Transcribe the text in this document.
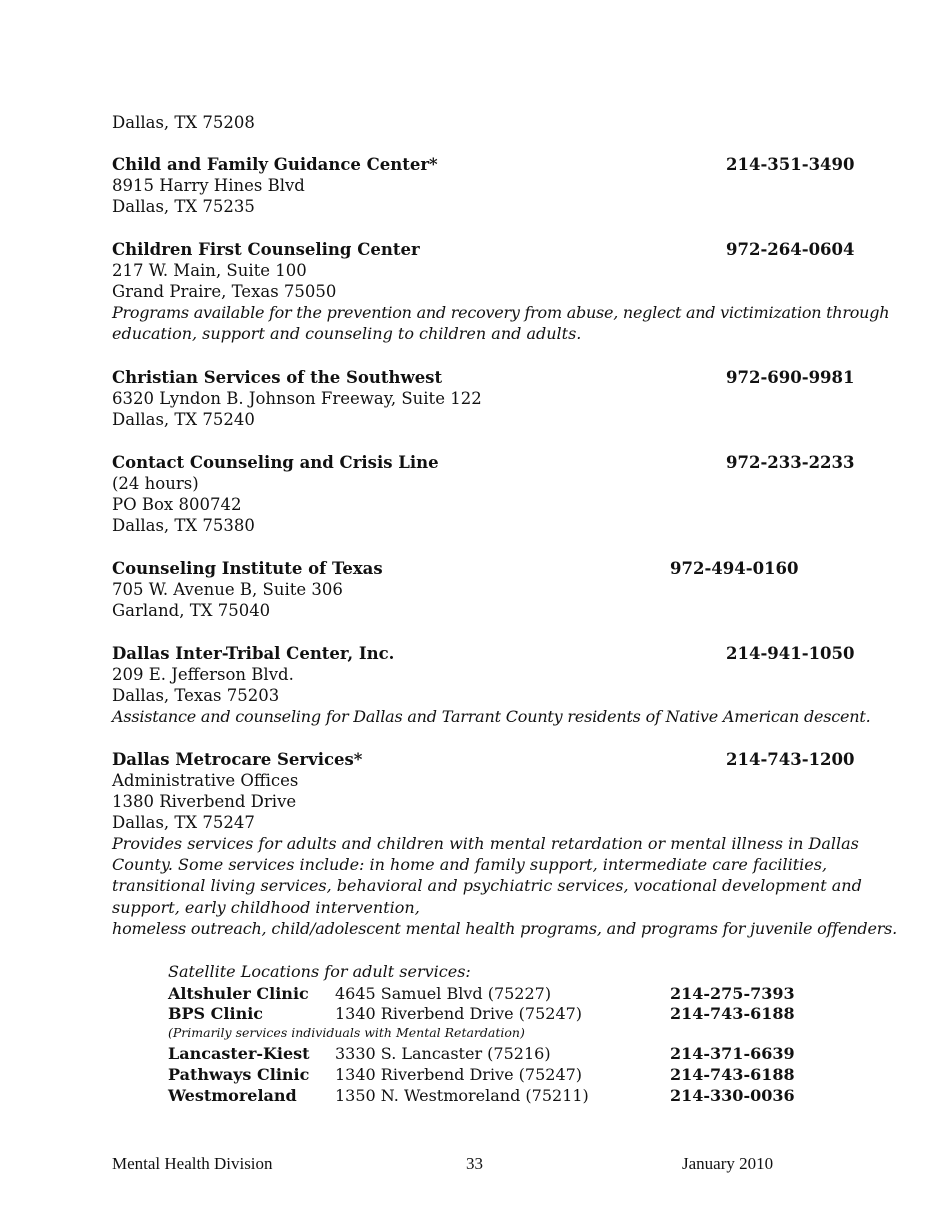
Dallas, TX 75208
Child and Family Guidance Center*	214-351-3490
8915 Harry Hines Blvd
Dallas, TX 75235
Children First Counseling Center	972-264-0604
217 W. Main, Suite 100
Grand Praire, Texas 75050
Programs available for the prevention and recovery from abuse, neglect and victimization through
education, support and counseling to children and adults.
Christian Services of the Southwest	972-690-9981
6320 Lyndon B. Johnson Freeway, Suite 122
Dallas, TX 75240
Contact Counseling and Crisis Line	972-233-2233
(24 hours)
PO Box 800742
Dallas, TX 75380
Counseling Institute of Texas	972-494-0160
705 W. Avenue B, Suite 306
Garland, TX 75040
Dallas Inter-Tribal Center, Inc.	214-941-1050
209 E. Jefferson Blvd.
Dallas, Texas 75203
Assistance and counseling for Dallas and Tarrant County residents of Native American descent.
Dallas Metrocare Services*	214-743-1200
Administrative Offices
1380 Riverbend Drive
Dallas, TX 75247
Provides services for adults and children with mental retardation or mental illness in Dallas
County. Some services include: in home and family support, intermediate care facilities,
transitional living services, behavioral and psychiatric services, vocational development and
support, early childhood intervention,
homeless outreach, child/adolescent mental health programs, and programs for juvenile offenders.
Satellite Locations for adult services:
Altshuler Clinic 4645 Samuel Blvd (75227)	214-275-7393
BPS Clinic	1340 Riverbend Drive (75247)	214-743-6188
(Primarily services individuals with Mental Retardation)
Lancaster-Kiest 3330 S. Lancaster (75216)	214-371-6639
Pathways Clinic 1340 Riverbend Drive (75247)	214-743-6188
Westmoreland 1350 N. Westmoreland (75211)	214-330-0036
Mental Health Division	33	January 2010
